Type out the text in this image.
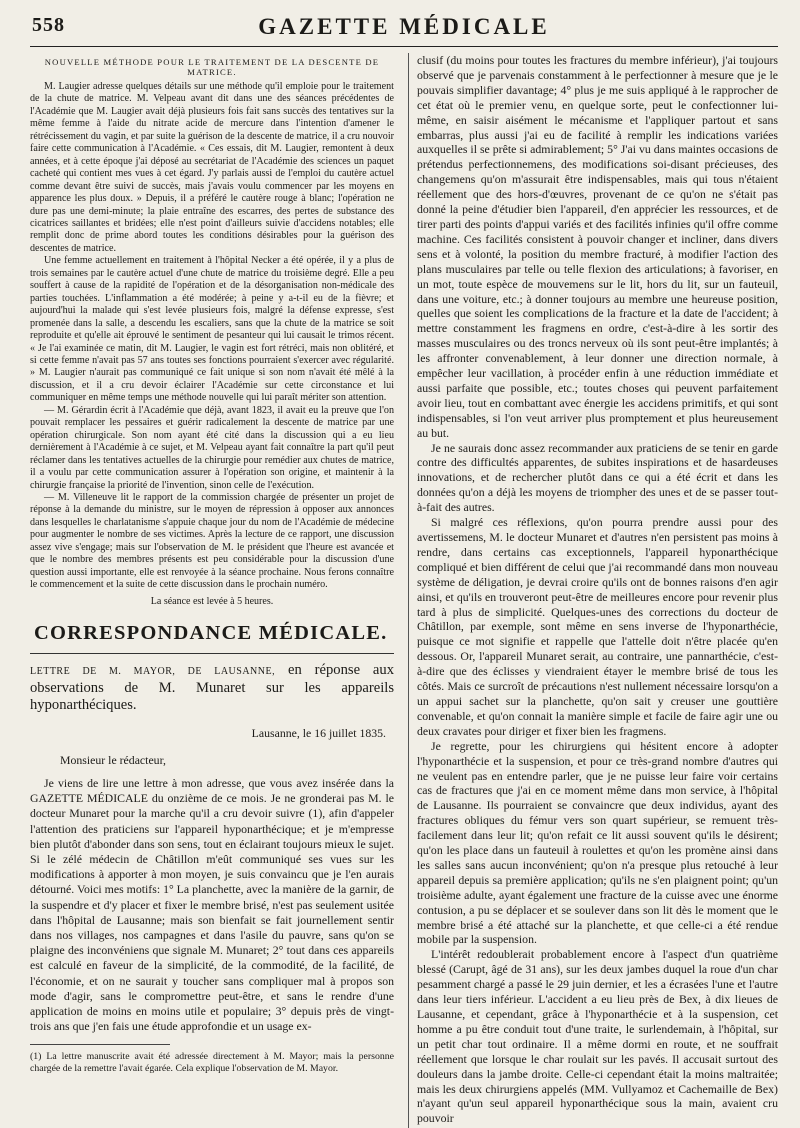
558	GAZETTE MÉDICALE
NOUVELLE MÉTHODE POUR LE TRAITEMENT DE LA DESCENTE DE MATRICE.

M. Laugier adresse quelques détails sur une méthode qu'il emploie pour le traitement de la chute de matrice. M. Velpeau avant dit dans une des séances précédentes de l'Académie que M. Laugier avait déjà plusieurs fois fait sans succès des tentatives sur la même femme à l'aide du nitrate acide de mercure dans l'intention d'amener le rétrécissement du vagin, et par suite la guérison de la descente de matrice, il a cru nouvoir faire cette communication à l'Académie. « Ces essais, dit M. Laugier, remontent à deux années, et à cette époque j'ai déposé au secrétariat de l'Académie des sciences un paquet cacheté qui contient mes vues à cet égard. J'y parlais aussi de l'emploi du cautère actuel comme devant être suivi de succès, mais j'avais voulu commencer par les moyens en apparence les plus doux. » Depuis, il a préféré le cautère rouge à blanc; l'opération ne dure pas une demi-minute; la plaie entraîne des escarres, des pertes de substance des cicatrices saillantes et bridées; elle n'est point d'ailleurs suivie d'accidens notables; elle remplit donc de prime abord toutes les conditions désirables pour la guérison des descentes de matrice.

Une femme actuellement en traitement à l'hôpital Necker a été opérée, il y a plus de trois semaines par le cautère actuel d'une chute de matrice du troisième degré. Elle a peu souffert à cause de la rapidité de l'opération et de la désorganisation non-médicale des parties touchées. L'inflammation a été modérée; à peine y a-t-il eu de la fièvre; et aujourd'hui la malade qui s'est levée plusieurs fois, malgré la défense expresse, s'est promenée dans la salle, a descendu les escaliers, sans que la chute de la matrice se soit reproduite et qu'elle ait éprouvé le sentiment de pesanteur qui lui causait le trimos récent. « Je l'ai examinée ce matin, dit M. Laugier, le vagin est fort rétréci, mais non oblitéré, et si cette femme n'avait pas 57 ans toutes ses fonctions pourraient s'exercer avec régularité. » M. Laugier n'aurait pas communiqué ce fait unique si son nom n'avait été mêlé à la discussion, et il a cru devoir éclairer l'Académie sur cette circonstance et lui communiquer en même temps une méthode nouvelle qui lui paraît mériter son attention.

— M. Gérardin écrit à l'Académie que déjà, avant 1823, il avait eu la preuve que l'on pouvait remplacer les pessaires et guérir radicalement la descente de matrice par une opération chirurgicale. Son nom ayant été cité dans la discussion qui a eu lieu dernièrement à l'Académie à ce sujet, et M. Velpeau ayant fait connaître la part qu'il peut réclamer dans les tentatives actuelles de la chirurgie pour remédier aux chutes de matrice, il a voulu par cette communication assurer à l'opération son origine, et maintenir à la chirurgie française la priorité de l'invention, sinon celle de l'exécution.

— M. Villeneuve lit le rapport de la commission chargée de présenter un projet de réponse à la demande du ministre, sur le moyen de répression à opposer aux annonces dans lesquelles le charlatanisme s'appuie chaque jour du nom de l'Académie de médecine pour augmenter le nombre de ses victimes. Après la lecture de ce rapport, une discussion assez vive s'engage; mais sur l'observation de M. le président que l'heure est avancée et que le nombre des membres présents est peu considérable pour la discussion d'une question aussi importante, elle est renvoyée à la séance prochaine. Nous ferons connaître le commencement et la suite de cette discussion dans le prochain numéro.

La séance est levée à 5 heures.
CORRESPONDANCE MÉDICALE.

LETTRE DE M. MAYOR, DE LAUSANNE, en réponse aux observations de M. Munaret sur les appareils hyponarthéciques.

Lausanne, le 16 juillet 1835.
Monsieur le rédacteur,

Je viens de lire une lettre à mon adresse, que vous avez insérée dans la GAZETTE MÉDICALE du onzième de ce mois. Je ne gronderai pas M. le docteur Munaret pour la marche qu'il a cru devoir suivre (1), afin d'appeler l'attention des praticiens sur l'appareil hyponarthécique; et je m'empresse bien plutôt d'abonder dans son sens, tout en éclairant toujours mieux le sujet. Si le zélé médecin de Châtillon m'eût communiqué ses vues sur les modifications à apporter à mon moyen, je suis convaincu que je l'en aurais détourné. Voici mes motifs: 1° La planchette, avec la manière de la garnir, de la suspendre et d'y placer et fixer le membre brisé, n'est pas seulement usitée dans l'hôpital de Lausanne; mais son bienfait se fait journellement sentir dans nos villages, nos campagnes et dans l'asile du pauvre, sans qu'on se plaigne des inconvéniens que signale M. Munaret; 2° tout dans ces appareils est calculé en faveur de la simplicité, de la commodité, de la facilité, de l'économie, et on ne saurait y toucher sans compliquer mal à propos son mode d'agir, sans le compromettre peut-être, et sans le rendre d'une application de moins en moins utile et populaire; 3° depuis près de vingt-trois ans que j'en fais une étude approfondie et un usage ex-

(1) La lettre manuscrite avait été adressée directement à M. Mayor; mais la personne chargée de la remettre l'avait égarée. Cela explique l'observation de M. Mayor.

clusif (du moins pour toutes les fractures du membre inférieur), j'ai toujours observé que je parvenais constamment à le perfectionner à mesure que je le pouvais simplifier davantage; 4° plus je me suis appliqué à le rapprocher de cet état où le premier venu, en quelque sorte, peut le confectionner lui-même, en saisir aisément le mécanisme et l'appliquer partout et sans embarras, plus aussi j'ai eu de facilité à remplir les indications variées auxquelles il se prête si admirablement; 5° J'ai vu dans maintes occasions de prétendus perfectionnemens, des modifications soi-disant précieuses, des changemens qu'on m'assurait être indispensables, mais qui tous n'étaient réellement que des hors-d'œuvres, provenant de ce qu'on ne s'était pas donné la peine d'étudier bien l'appareil, d'en apprécier les ressources, et de tirer parti des points d'appui variés et des facilités infinies qu'il offre comme machine. Ces facilités consistent à pouvoir changer et incliner, dans divers sens et à volonté, la position du membre fracturé, à modifier l'action des plans musculaires par telle ou telle flexion des articulations; à favoriser, en un mot, toute espèce de mouvemens sur le lit, hors du lit, sur un fauteuil, dans une voiture, etc.; à donner toujours au membre une heureuse position, quelles que soient les complications de la fracture et la date de l'accident; à mettre constamment les fragmens en ordre, c'est-à-dire à les sortir des masses musculaires ou des troncs nerveux où ils sont peut-être implantés; à les affronter convenablement, à leur donner une direction normale, à empêcher leur vacillation, à procéder enfin à une réduction immédiate et aussi parfaite que possible, etc.; toutes choses qui peuvent parfaitement avoir lieu, tout en combattant avec énergie les accidens primitifs, et qui sont indispensables, si l'on veut arriver plus promptement et plus heureusement au but.

Je ne saurais donc assez recommander aux praticiens de se tenir en garde contre des difficultés apparentes, de subites inspirations et de hasardeuses innovations, et de rechercher plutôt dans ce qui a été écrit et dans les données qu'on a déjà les moyens de triompher des unes et de se passer tout-à-fait des autres.

Si malgré ces réflexions, qu'on pourra prendre aussi pour des avertissemens, M. le docteur Munaret et d'autres n'en persistent pas moins à rendre, dans certains cas exceptionnels, l'appareil hyponarthécique compliqué et bien différent de celui que j'ai recommandé dans mon nouveau système de déligation, je devrai croire qu'ils ont de bonnes raisons d'en agir ainsi, et qu'ils en trouveront peut-être de meilleures encore pour revenir plus tard à plus de simplicité. Quelques-unes des corrections du docteur de Châtillon, par exemple, sont même en sens inverse de l'hyponarthécie, puisque ce mot signifie et rappelle que l'attelle doit n'être placée qu'en dessous. Or, l'appareil Munaret serait, au contraire, une pannarthécie, c'est-à-dire que des éclisses y viendraient étayer le membre brisé de tous les côtés. Mais ce surcroît de précautions n'est nullement nécessaire lorsqu'on a un appui sachet sur la planchette, qu'on sait y creuser une gouttière convenable, et qu'on connait la manière simple et facile de faire agir une ou deux cravates pour diriger et fixer bien les fragmens.

Je regrette, pour les chirurgiens qui hésitent encore à adopter l'hyponarthécie et la suspension, et pour ce très-grand nombre d'autres qui ne veulent pas en entendre parler, que je ne puisse leur faire voir certains cas de fractures que j'ai en ce moment même dans mon service, à l'hôpital de Lausanne. Ils pourraient se convaincre que deux individus, ayant des fractures obliques du fémur vers son quart supérieur, se remuent très-facilement dans leur lit; qu'on refait ce lit aussi souvent qu'ils le désirent; qu'on les place dans un fauteuil à roulettes et qu'on les promène ainsi dans les salles sans aucun inconvénient; qu'on n'a presque plus retouché à leur appareil depuis sa première application; qu'ils ne s'en plaignent point; qu'un troisième adulte, ayant également une fracture de la cuisse avec une énorme contusion, a pu se déplacer et se soulever dans son lit dès le moment que le membre brisé a été attaché sur la planchette, et que celle-ci a été rendue mobile par la suspension.

L'intérêt redoublerait probablement encore à l'aspect d'un quatrième blessé (Carupt, âgé de 31 ans), sur les deux jambes duquel la roue d'un char pesamment chargé a passé le 29 juin dernier, et les a écrasées l'une et l'autre dans leur tiers inférieur. L'accident a eu lieu près de Bex, à dix lieues de Lausanne, et cependant, grâce à l'hyponarthécie et à la suspension, cet homme a pu être conduit tout d'une traite, le surlendemain, à l'hôpital, sur un petit char tout ordinaire. Il a même dormi en route, et ne souffrait réellement que lorsque le char roulait sur les pavés. Il accusait surtout des douleurs dans la jambe droite. Celle-ci cependant était la moins maltraitée; mais les deux chirurgiens appelés (MM. Vullyamoz et Cachemaille de Bex) n'ayant qu'un seul appareil hyponarthécique sous la main, avaient cru pouvoir
